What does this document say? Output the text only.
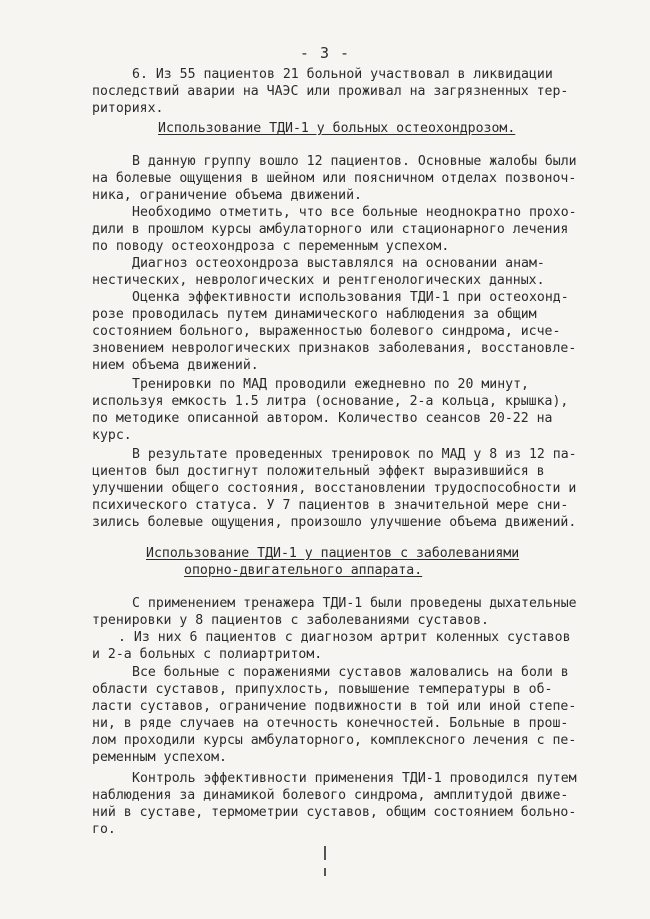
- 3 -
6. Из 55 пациентов 21 больной участвовал в ликвидации
последствий аварии на ЧАЭС или проживал на загрязненных тер-
риториях.
Использование ТДИ-1 у больных остеохондрозом.
В данную группу вошло 12 пациентов. Основные жалобы были
на болевые ощущения в шейном или поясничном отделах позвоноч-
ника, ограничение объема движений.
Необходимо отметить, что все больные неоднократно прохо-
дили в прошлом курсы амбулаторного или стационарного лечения
по поводу остеохондроза с переменным успехом.
Диагноз остеохондроза выставлялся на основании анам-
нестических, неврологических и рентгенологических данных.
Оценка эффективности использования ТДИ-1 при остеохонд-
розе проводилась путем динамического наблюдения за общим
состоянием больного, выраженностью болевого синдрома, исче-
зновением неврологических признаков заболевания, восстановле-
нием объема движений.
Тренировки по МАД проводили ежедневно по 20 минут,
используя емкость 1.5 литра (основание, 2-а кольца, крышка),
по методике описанной автором. Количество сеансов 20-22 на
курс.
В результате проведенных тренировок по МАД у 8 из 12 па-
циентов был достигнут положительный эффект выразившийся в
улучшении общего состояния, восстановлении трудоспособности и
психического статуса. У 7 пациентов в значительной мере сни-
зились болевые ощущения, произошло улучшение объема движений.
Использование ТДИ-1 у пациентов с заболеваниями
опорно-двигательного аппарата.
С применением тренажера ТДИ-1 были проведены дыхательные
тренировки у 8 пациентов с заболеваниями суставов.
. Из них 6 пациентов с диагнозом артрит коленных суставов
и 2-а больных с полиартритом.
Все больные с поражениями суставов жаловались на боли в
области суставов, припухлость, повышение температуры в об-
ласти суставов, ограничение подвижности в той или иной степе-
ни, в ряде случаев на отечность конечностей. Больные в прош-
лом проходили курсы амбулаторного, комплексного лечения с пе-
ременным успехом.
Контроль эффективности применения ТДИ-1 проводился путем
наблюдения за динамикой болевого синдрома, амплитудой движе-
ний в суставе, термометрии суставов, общим состоянием больно-
го.
